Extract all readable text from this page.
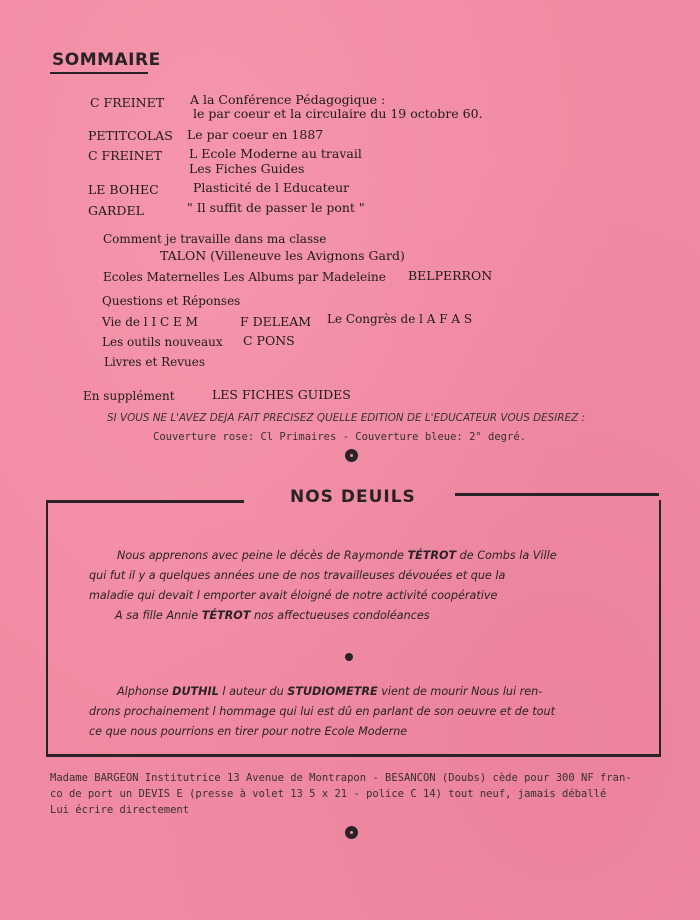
SOMMAIRE
C FREINET A la Conférence Pédagogique :
le par coeur et la circulaire du 19 octobre 60.
PETITCOLAS Le par coeur en 1887
C FREINET L Ecole Moderne au travail
Les Fiches Guides
LE BOHEC	Plasticité de l Educateur
GARDEL	" Il suffit de passer le pont "
Comment je travaille dans ma classe
TALON (Villeneuve les Avignons Gard)
Ecoles Maternelles Les Albums par Madeleine BELPERRON
Questions et Réponses
Vie de l I C E M	F DELEAM Le Congrès de l A F A S
Les outils nouveaux C PONS
Livres et Revues
En supplément	LES FICHES GUIDES
SI VOUS NE L'AVEZ DEJA FAIT PRECISEZ QUELLE EDITION DE L'EDUCATEUR VOUS DESIREZ :
Couverture rose: Cl Primaires - Couverture bleue: 2° degré.
NOS DEUILS
Nous apprenons avec peine le décès de Raymonde TÉTROT de Combs la Ville
qui fut il y a quelques années une de nos travailleuses dévouées et que la
maladie qui devait l emporter avait éloigné de notre activité coopérative
A sa fille Annie TÉTROT nos affectueuses condoléances
Alphonse DUTHIL l auteur du STUDIOMETRE vient de mourir Nous lui ren-
drons prochainement l hommage qui lui est dû en parlant de son oeuvre et de tout
ce que nous pourrions en tirer pour notre Ecole Moderne
Madame BARGEON Institutrice 13 Avenue de Montrapon - BESANCON (Doubs) cède pour 300 NF fran-
co de port un DEVIS E (presse à volet 13 5 x 21 - police C 14) tout neuf, jamais déballé
Lui écrire directement
